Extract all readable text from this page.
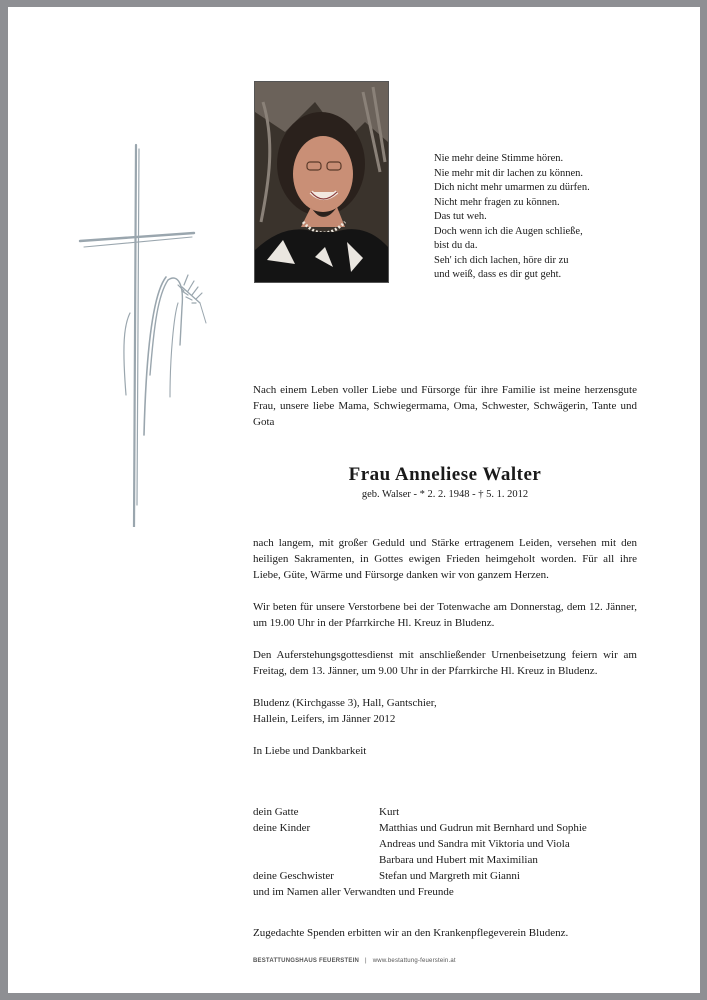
Nie mehr deine Stimme hören.
Nie mehr mit dir lachen zu können.
Dich nicht mehr umarmen zu dürfen.
Nicht mehr fragen zu können.
Das tut weh.
Doch wenn ich die Augen schließe,
bist du da.
Seh' ich dich lachen, höre dir zu
und weiß, dass es dir gut geht.
Nach einem Leben voller Liebe und Fürsorge für ihre Familie ist meine herzensgute Frau, unsere liebe Mama, Schwiegermama, Oma, Schwester, Schwägerin, Tante und Gota
Frau Anneliese Walter
geb. Walser - * 2. 2. 1948 - † 5. 1. 2012

nach langem, mit großer Geduld und Stärke ertragenem Leiden, versehen mit den heiligen Sakramenten, in Gottes ewigen Frieden heimgeholt worden. Für all ihre Liebe, Güte, Wärme und Fürsorge danken wir von ganzem Herzen.

Wir beten für unsere Verstorbene bei der Totenwache am Donnerstag, dem 12. Jänner, um 19.00 Uhr in der Pfarrkirche Hl. Kreuz in Bludenz.

Den Auferstehungsgottesdienst mit anschließender Urnenbeisetzung feiern wir am Freitag, dem 13. Jänner, um 9.00 Uhr in der Pfarrkirche Hl. Kreuz in Bludenz.

Bludenz (Kirchgasse 3), Hall, Gantschier,
Hallein, Leifers, im Jänner 2012

In Liebe und Dankbarkeit

dein Gatte	Kurt
deine Kinder	Matthias und Gudrun mit Bernhard und Sophie
Andreas und Sandra mit Viktoria und Viola
Barbara und Hubert mit Maximilian
deine Geschwister	Stefan und Margreth mit Gianni
und im Namen aller Verwandten und Freunde
Zugedachte Spenden erbitten wir an den Krankenpflegeverein Bludenz.
BESTATTUNGSHAUS FEUERSTEIN | www.bestattung-feuerstein.at
